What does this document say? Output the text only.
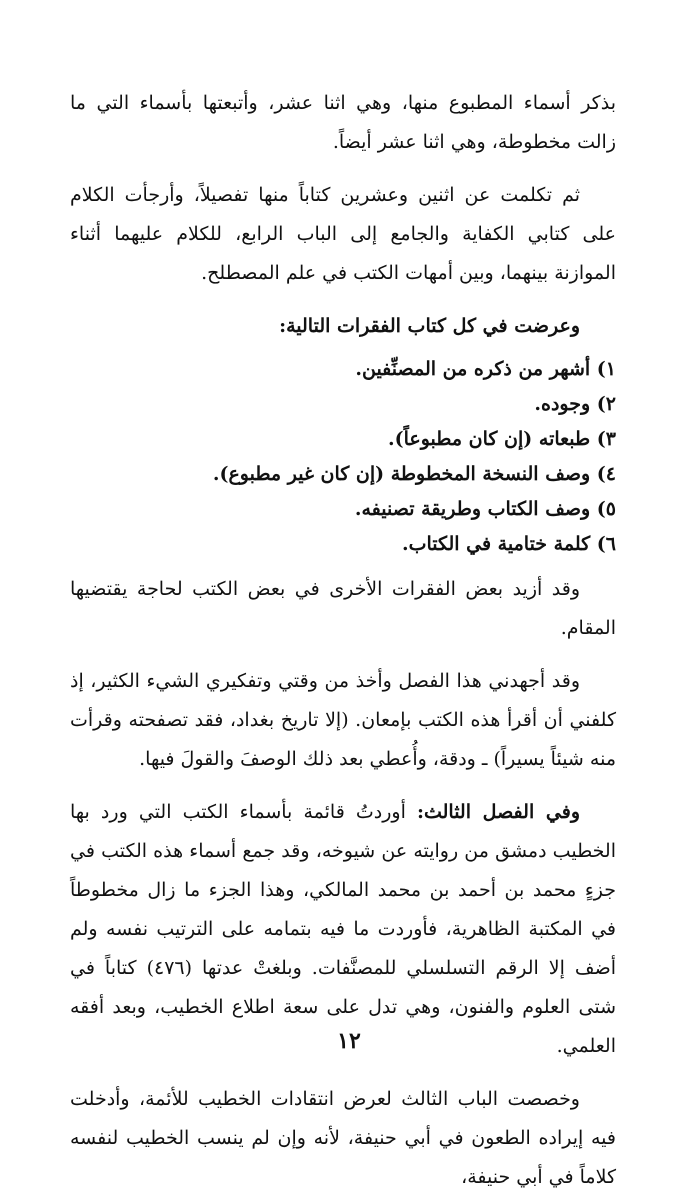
بذكر أسماء المطبوع منها، وهي اثنا عشر، وأتبعتها بأسماء التي ما زالت مخطوطة، وهي اثنا عشر أيضاً.

ثم تكلمت عن اثنين وعشرين كتاباً منها تفصيلاً، وأرجأت الكلام على كتابي الكفاية والجامع إلى الباب الرابع، للكلام عليهما أثناء الموازنة بينهما، وبين أمهات الكتب في علم المصطلح.

وعرضت في كل كتاب الفقرات التالية:

١) أشهر من ذكره من المصنِّفين.
٢) وجوده.
٣) طبعاته (إن كان مطبوعاً).
٤) وصف النسخة المخطوطة (إن كان غير مطبوع).
٥) وصف الكتاب وطريقة تصنيفه.
٦) كلمة ختامية في الكتاب.

وقد أزيد بعض الفقرات الأخرى في بعض الكتب لحاجة يقتضيها المقام.

وقد أجهدني هذا الفصل وأخذ من وقتي وتفكيري الشيء الكثير، إذ كلفني أن أقرأ هذه الكتب بإمعان. (إلا تاريخ بغداد، فقد تصفحته وقرأت منه شيئاً يسيراً) ـ ودقة، وأُعطي بعد ذلك الوصفَ والقولَ فيها.

وفي الفصل الثالث: أوردتُ قائمة بأسماء الكتب التي ورد بها الخطيب دمشق من روايته عن شيوخه، وقد جمع أسماء هذه الكتب في جزءٍ محمد بن أحمد بن محمد المالكي، وهذا الجزء ما زال مخطوطاً في المكتبة الظاهرية، فأوردت ما فيه بتمامه على الترتيب نفسه ولم أضف إلا الرقم التسلسلي للمصنَّفات. وبلغتْ عدتها (٤٧٦) كتاباً في شتى العلوم والفنون، وهي تدل على سعة اطلاع الخطيب، وبعد أفقه العلمي.

وخصصت الباب الثالث لعرض انتقادات الخطيب للأئمة، وأدخلت فيه إيراده الطعون في أبي حنيفة، لأنه وإن لم ينسب الخطيب لنفسه كلاماً في أبي حنيفة،

١٢
